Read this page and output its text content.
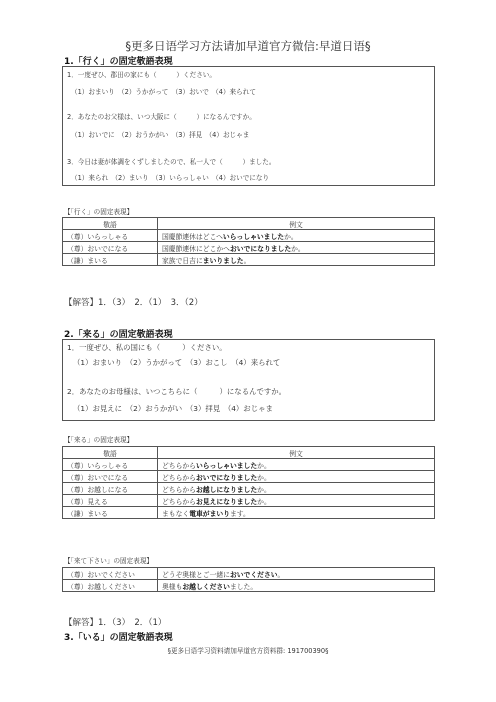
§更多日语学习方法请加早道官方微信:早道日语§
1.「行く」の固定敬語表現
1．一度ぜひ、郡田の家にも（　　　）ください。
（1）おまいり　（2）うかがって　（3）おいで　（4）来られて
2．あなたのお父様は、いつ大阪に（　　　）になるんですか。
（1）おいでに　（2）おうかがい　（3）拝見　（4）おじゃま
3．今日は妻が体調をくずしましたので、私一人で（　　　）ました。
（1）来られ　（2）まいり　（3）いらっしゃい　（4）おいでになり
【「行く」の固定表現】
敬語	例文
（尊）いらっしゃる	国慶節連休はどこへいらっしゃいましたか。
（尊）おいでになる	国慶節連休にどこかへおいでになりましたか。
（謙）まいる	家族で日吉にまいりました。
【解答】1．（3）　2．（1）　3．（2）
2.「来る」の固定敬語表現
1．一度ぜひ、私の国にも（　　　）ください。
（1）おまいり　（2）うかがって　（3）おこし　（4）来られて
2．あなたのお母様は、いつこちらに（　　　）になるんですか。
（1）お見えに　（2）おうかがい　（3）拝見　（4）おじゃま
【「来る」の固定表現】
敬語	例文
（尊）いらっしゃる	どちらからいらっしゃいましたか。
（尊）おいでになる	どちらからおいでになりましたか。
（尊）お越しになる	どちらからお越しになりましたか。
（尊）見える	どちらからお見えになりましたか。
（謙）まいる	まもなく電車がまいります。
【「来て下さい」の固定表現】
（尊）おいでください	どうぞ奥様とご一緒においでください。
（尊）お越しください	奥様もお越しくださいました。
【解答】1．（3）　2．（1）
3.「いる」の固定敬語表現
§更多日语学习资料请加早道官方资料群: 191700390§
